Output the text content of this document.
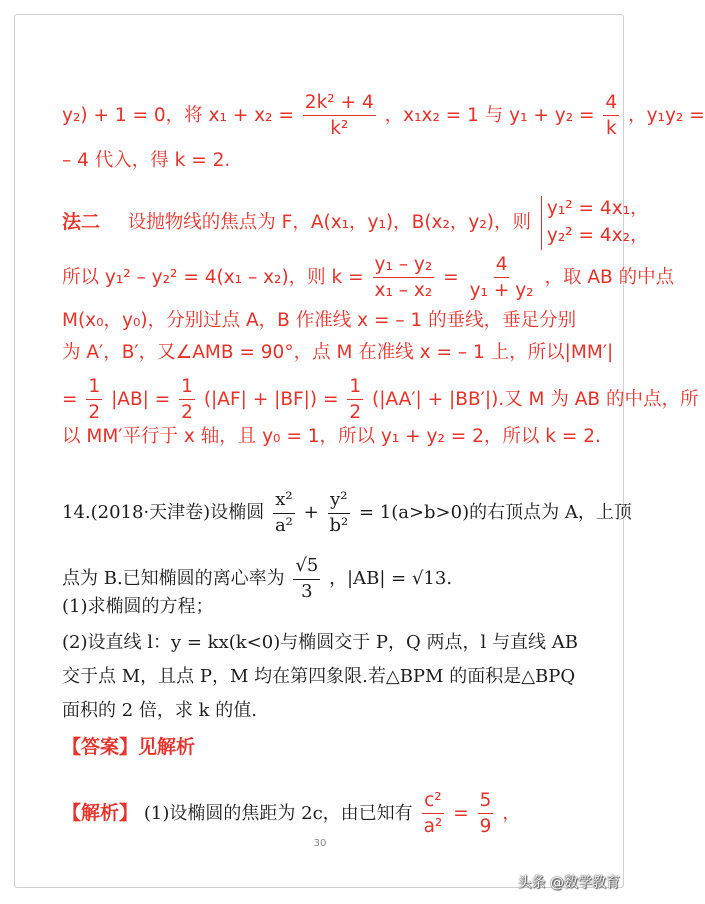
y₂) + 1 = 0，将 $x_1 + x_2 = \frac{\text{2k² + 4}}{\text{k²}}$ ，x₁x₂ = 1 与 $y_1 + y_2 = \frac{4}{k}$ ，y₁y₂ =
– 4 代入，得 k = 2.
法二 设抛物线的焦点为 F，A(x₁，y₁)，B(x₂，y₂)，则
y₁² = 4x₁，
y₂² = 4x₂，
所以 y₁² – y₂² = 4(x₁ – x₂)，则 $k = \frac{\text{y₁ – y₂}}{\text{x₁ – x₂}} = \frac{4}{\text{y₁ + y₂}}$ ，取 AB 的中点
M(x₀，y₀)，分别过点 A，B 作准线 x = – 1 的垂线，垂足分别
为 A′，B′，又∠AMB = 90°，点 M 在准线 x = – 1 上，所以|MM′|
= $\frac{1}{2} |AB| = \frac{1}{2} (|AF| + |BF|) = \frac{1}{2} (|AA'| + |BB'|)$.又 M 为 AB 的中点，所
以 MM′平行于 x 轴，且 y₀ = 1，所以 y₁ + y₂ = 2，所以 k = 2.
14.(2018·天津卷)设椭圆 $\frac{\text{x²}}{\text{a²}} + \frac{\text{y²}}{\text{b²}} = 1(a>b>0)$的右顶点为 A，上顶
点为 B.已知椭圆的离心率为 $\frac{√5}{3}$ ，|AB| = √13.
(1)求椭圆的方程；
(2)设直线 l：y = kx(k<0)与椭圆交于 P，Q 两点，l 与直线 AB
交于点 M，且点 P，M 均在第四象限.若△BPM 的面积是△BPQ
面积的 2 倍，求 k 的值.
【答案】见解析
【解析】 (1)设椭圆的焦距为 2c，由已知有 $\frac{\text{c²}}{\text{a²}} = \frac{5}{9}$ ，
30
头条 @数学教育
